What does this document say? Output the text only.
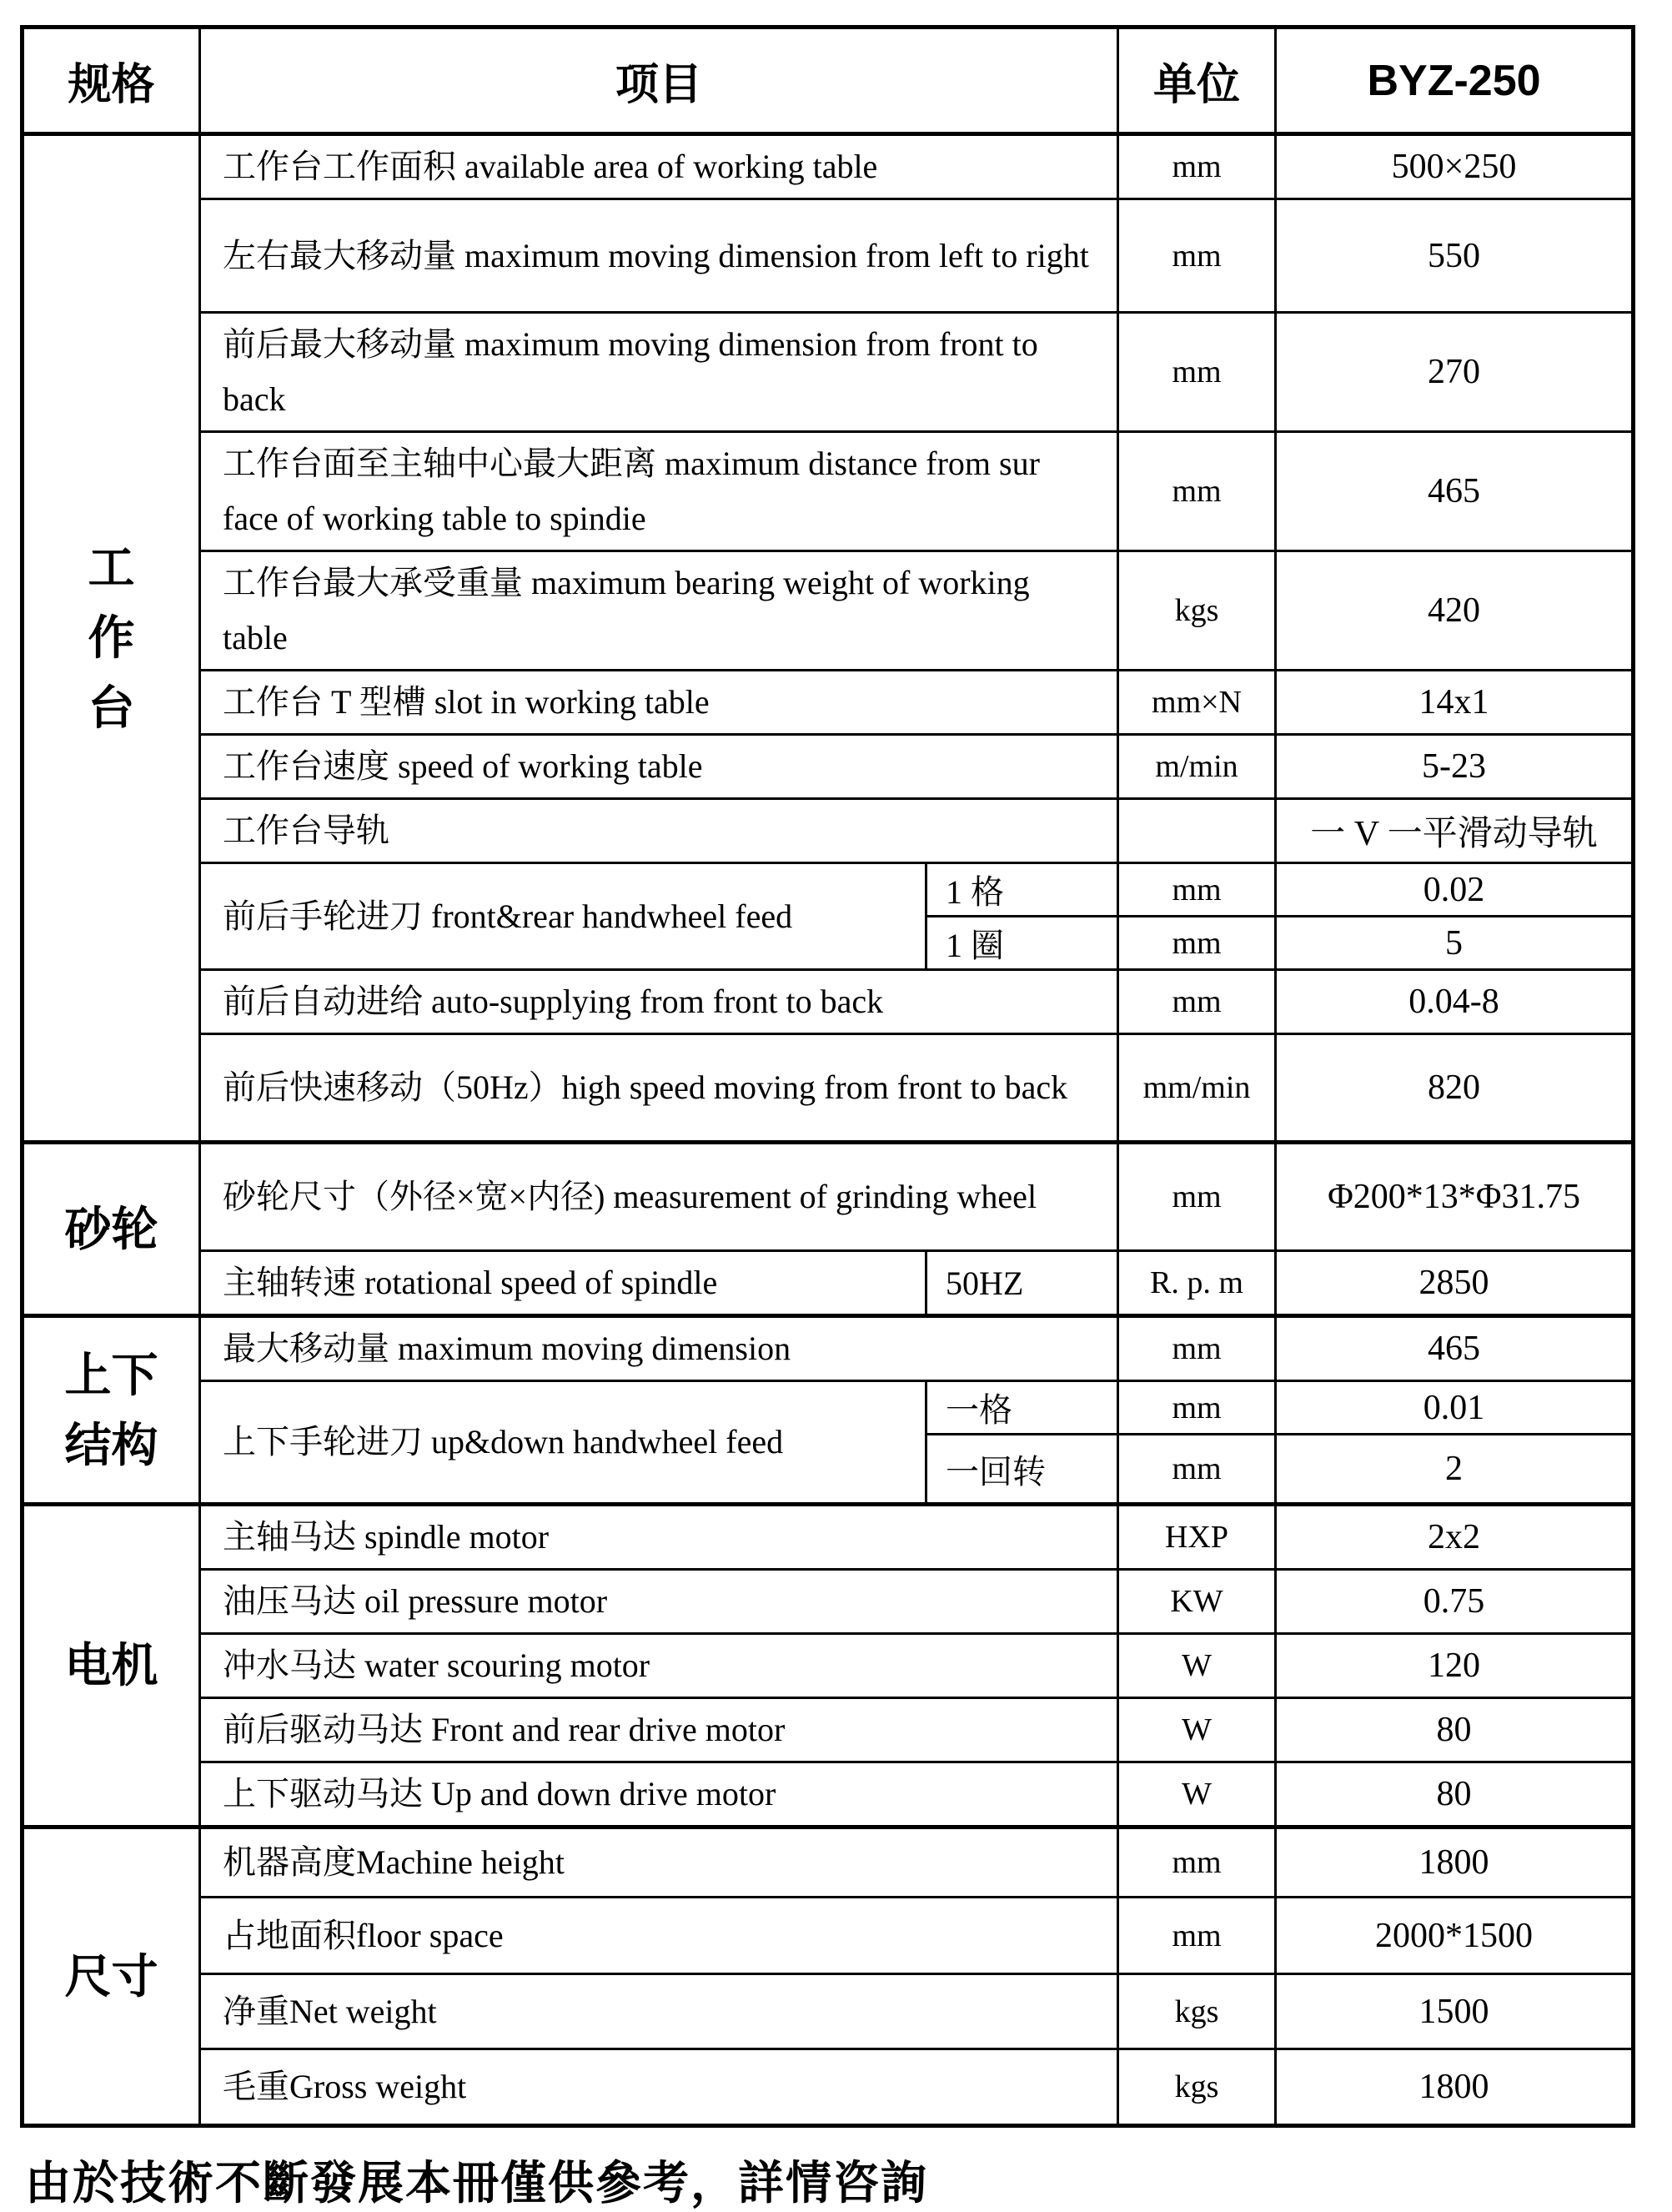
规格	项目		单位	BYZ-250
工
作
台	工作台工作面积 available area of working table		mm	500×250
	左右最大移动量 maximum moving dimension from left to right		mm	550
	前后最大移动量 maximum moving dimension from front to back		mm	270
	工作台面至主轴中心最大距离 maximum distance from sur face of working table to spindie		mm	465
	工作台最大承受重量 maximum bearing weight of working table		kgs	420
	工作台 T 型槽 slot in working table		mm×N	14x1
	工作台速度 speed of working table		m/min	5-23
	工作台导轨			一 V 一平滑动导轨
	前后手轮进刀 front&rear handwheel feed	1 格	mm	0.02
		1 圈	mm	5
	前后自动进给 auto-supplying from front to back		mm	0.04-8
	前后快速移动（50Hz）high speed moving from front to back		mm/min	820
砂轮	砂轮尺寸（外径×宽×内径) measurement of grinding wheel		mm	Φ200*13*Φ31.75
	主轴转速 rotational speed of spindle	50HZ	R. p. m	2850
上下
结构	最大移动量 maximum moving dimension		mm	465
	上下手轮进刀 up&down handwheel feed	一格	mm	0.01
		一回转	mm	2
电机	主轴马达 spindle motor		HXP	2x2
	油压马达 oil pressure motor		KW	0.75
	冲水马达 water scouring motor		W	120
	前后驱动马达 Front and rear drive motor		W	80
	上下驱动马达 Up and down drive motor		W	80
尺寸	机器高度Machine height		mm	1800
	占地面积floor space		mm	2000*1500
	净重Net weight		kgs	1500
	毛重Gross weight		kgs	1800
由於技術不斷發展本冊僅供參考，詳情咨詢
